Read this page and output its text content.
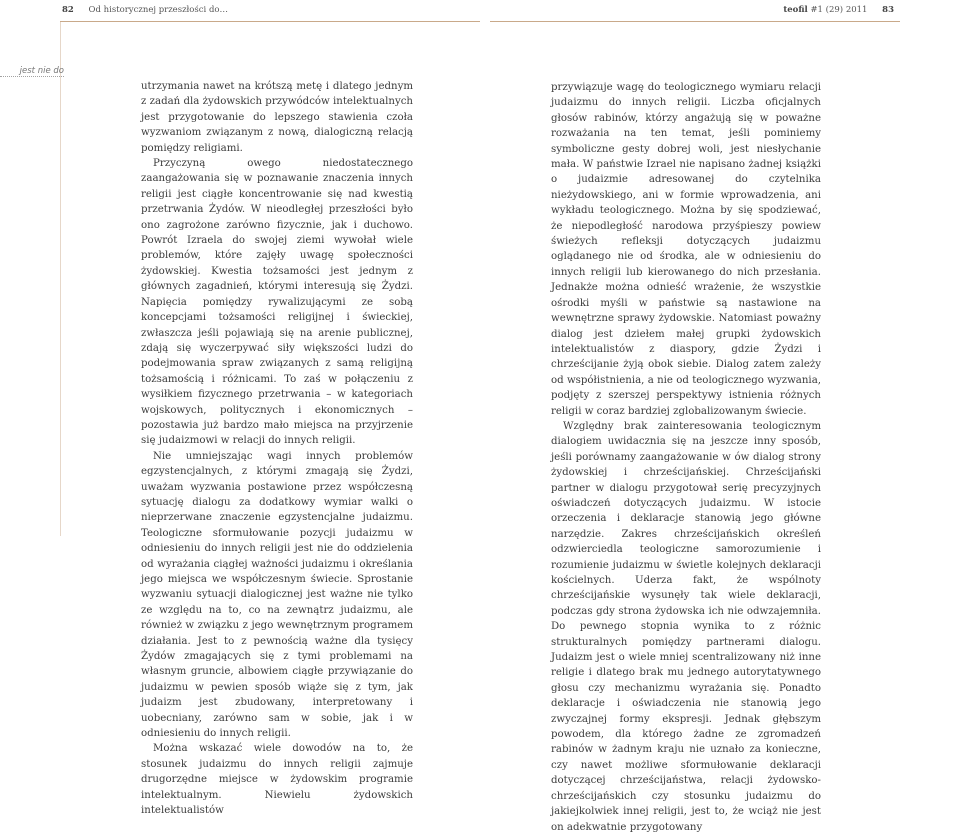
82 Od historycznej przeszłości do…	teofil #1 (29) 2011 83
jest nie do

utrzymania nawet na krótszą metę i dlatego jednym z zadań dla żydowskich przywódców intelektualnych jest przygotowanie do lepszego stawienia czoła wyzwaniom związanym z nową, dialogiczną relacją pomiędzy religiami.

Przyczyną owego niedostatecznego zaangażowania się w poznawanie znaczenia innych religii jest ciągłe koncentrowanie się nad kwestią przetrwania Żydów. W nieodległej przeszłości było ono zagrożone zarówno fizycznie, jak i duchowo. Powrót Izraela do swojej ziemi wywołał wiele problemów, które zajęły uwagę społeczności żydowskiej. Kwestia tożsamości jest jednym z głównych zagadnień, którymi interesują się Żydzi. Napięcia pomiędzy rywalizującymi ze sobą koncepcjami tożsamości religijnej i świeckiej, zwłaszcza jeśli pojawiają się na arenie publicznej, zdają się wyczerpywać siły większości ludzi do podejmowania spraw związanych z samą religijną tożsamością i różnicami. To zaś w połączeniu z wysiłkiem fizycznego przetrwania – w kategoriach wojskowych, politycznych i ekonomicznych – pozostawia już bardzo mało miejsca na przyjrzenie się judaizmowi w relacji do innych religii.

Nie umniejszając wagi innych problemów egzystencjalnych, z którymi zmagają się Żydzi, uważam wyzwania postawione przez współczesną sytuację dialogu za dodatkowy wymiar walki o nieprzerwane znaczenie egzystencjalne judaizmu. Teologiczne sformułowanie pozycji judaizmu w odniesieniu do innych religii jest nie do oddzielenia od wyrażania ciągłej ważności judaizmu i określania jego miejsca we współczesnym świecie. Sprostanie wyzwaniu sytuacji dialogicznej jest ważne nie tylko ze względu na to, co na zewnątrz judaizmu, ale również w związku z jego wewnętrznym programem działania. Jest to z pewnością ważne dla tysięcy Żydów zmagających się z tymi problemami na własnym gruncie, albowiem ciągłe przywiązanie do judaizmu w pewien sposób wiąże się z tym, jak judaizm jest zbudowany, interpretowany i uobecniany, zarówno sam w sobie, jak i w odniesieniu do innych religii.

Można wskazać wiele dowodów na to, że stosunek judaizmu do innych religii zajmuje drugorzędne miejsce w żydowskim programie intelektualnym. Niewielu żydowskich intelektualistów

przywiązuje wagę do teologicznego wymiaru relacji judaizmu do innych religii. Liczba oficjalnych głosów rabinów, którzy angażują się w poważne rozważania na ten temat, jeśli pominiemy symboliczne gesty dobrej woli, jest niesłychanie mała. W państwie Izrael nie napisano żadnej książki o judaizmie adresowanej do czytelnika nieżydowskiego, ani w formie wprowadzenia, ani wykładu teologicznego. Można by się spodziewać, że niepodległość narodowa przyśpieszy powiew świeżych refleksji dotyczących judaizmu oglądanego nie od środka, ale w odniesieniu do innych religii lub kierowanego do nich przesłania. Jednakże można odnieść wrażenie, że wszystkie ośrodki myśli w państwie są nastawione na wewnętrzne sprawy żydowskie. Natomiast poważny dialog jest dziełem małej grupki żydowskich intelektualistów z diaspory, gdzie Żydzi i chrześcijanie żyją obok siebie. Dialog zatem zależy od współistnienia, a nie od teologicznego wyzwania, podjęty z szerszej perspektywy istnienia różnych religii w coraz bardziej zglobalizowanym świecie.

Względny brak zainteresowania teologicznym dialogiem uwidacznia się na jeszcze inny sposób, jeśli porównamy zaangażowanie w ów dialog strony żydowskiej i chrześcijańskiej. Chrześcijański partner w dialogu przygotował serię precyzyjnych oświadczeń dotyczących judaizmu. W istocie orzeczenia i deklaracje stanowią jego główne narzędzie. Zakres chrześcijańskich określeń odzwierciedla teologiczne samorozumienie i rozumienie judaizmu w świetle kolejnych deklaracji kościelnych. Uderza fakt, że wspólnoty chrześcijańskie wysunęły tak wiele deklaracji, podczas gdy strona żydowska ich nie odwzajemniła. Do pewnego stopnia wynika to z różnic strukturalnych pomiędzy partnerami dialogu. Judaizm jest o wiele mniej scentralizowany niż inne religie i dlatego brak mu jednego autorytatywnego głosu czy mechanizmu wyrażania się. Ponadto deklaracje i oświadczenia nie stanowią jego zwyczajnej formy ekspresji. Jednak głębszym powodem, dla którego żadne ze zgromadzeń rabinów w żadnym kraju nie uznało za konieczne, czy nawet możliwe sformułowanie deklaracji dotyczącej chrześcijaństwa, relacji żydowsko-chrześcijańskich czy stosunku judaizmu do jakiejkolwiek innej religii, jest to, że wciąż nie jest on adekwatnie przygotowany
